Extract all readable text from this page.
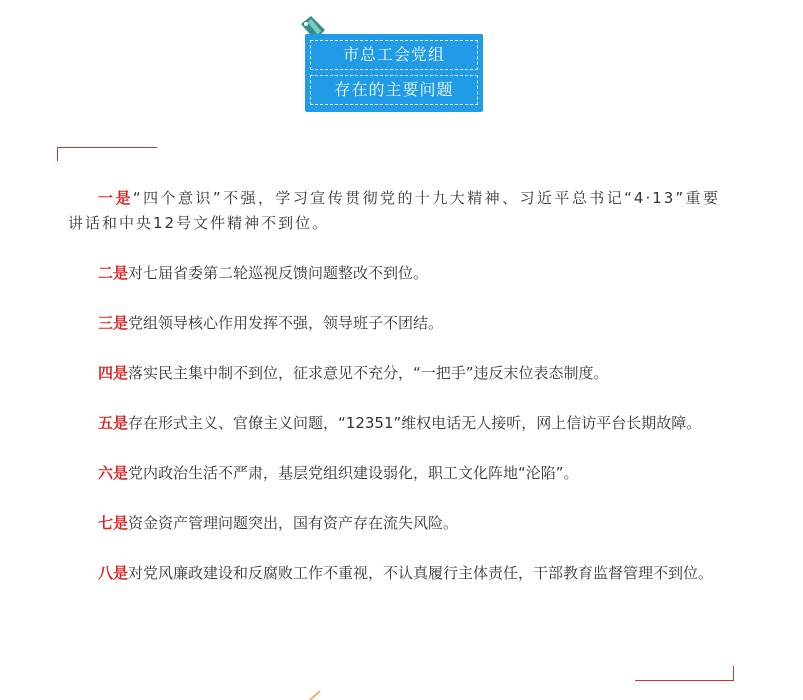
市总工会党组
存在的主要问题

一是“四个意识”不强，学习宣传贯彻党的十九大精神、习近平总书记“4·13”重要讲话和中央12号文件精神不到位。

二是对七届省委第二轮巡视反馈问题整改不到位。

三是党组领导核心作用发挥不强，领导班子不团结。

四是落实民主集中制不到位，征求意见不充分，“一把手”违反末位表态制度。

五是存在形式主义、官僚主义问题，“12351”维权电话无人接听，网上信访平台长期故障。

六是党内政治生活不严肃，基层党组织建设弱化，职工文化阵地“沦陷”。

七是资金资产管理问题突出，国有资产存在流失风险。

八是对党风廉政建设和反腐败工作不重视，不认真履行主体责任，干部教育监督管理不到位。
